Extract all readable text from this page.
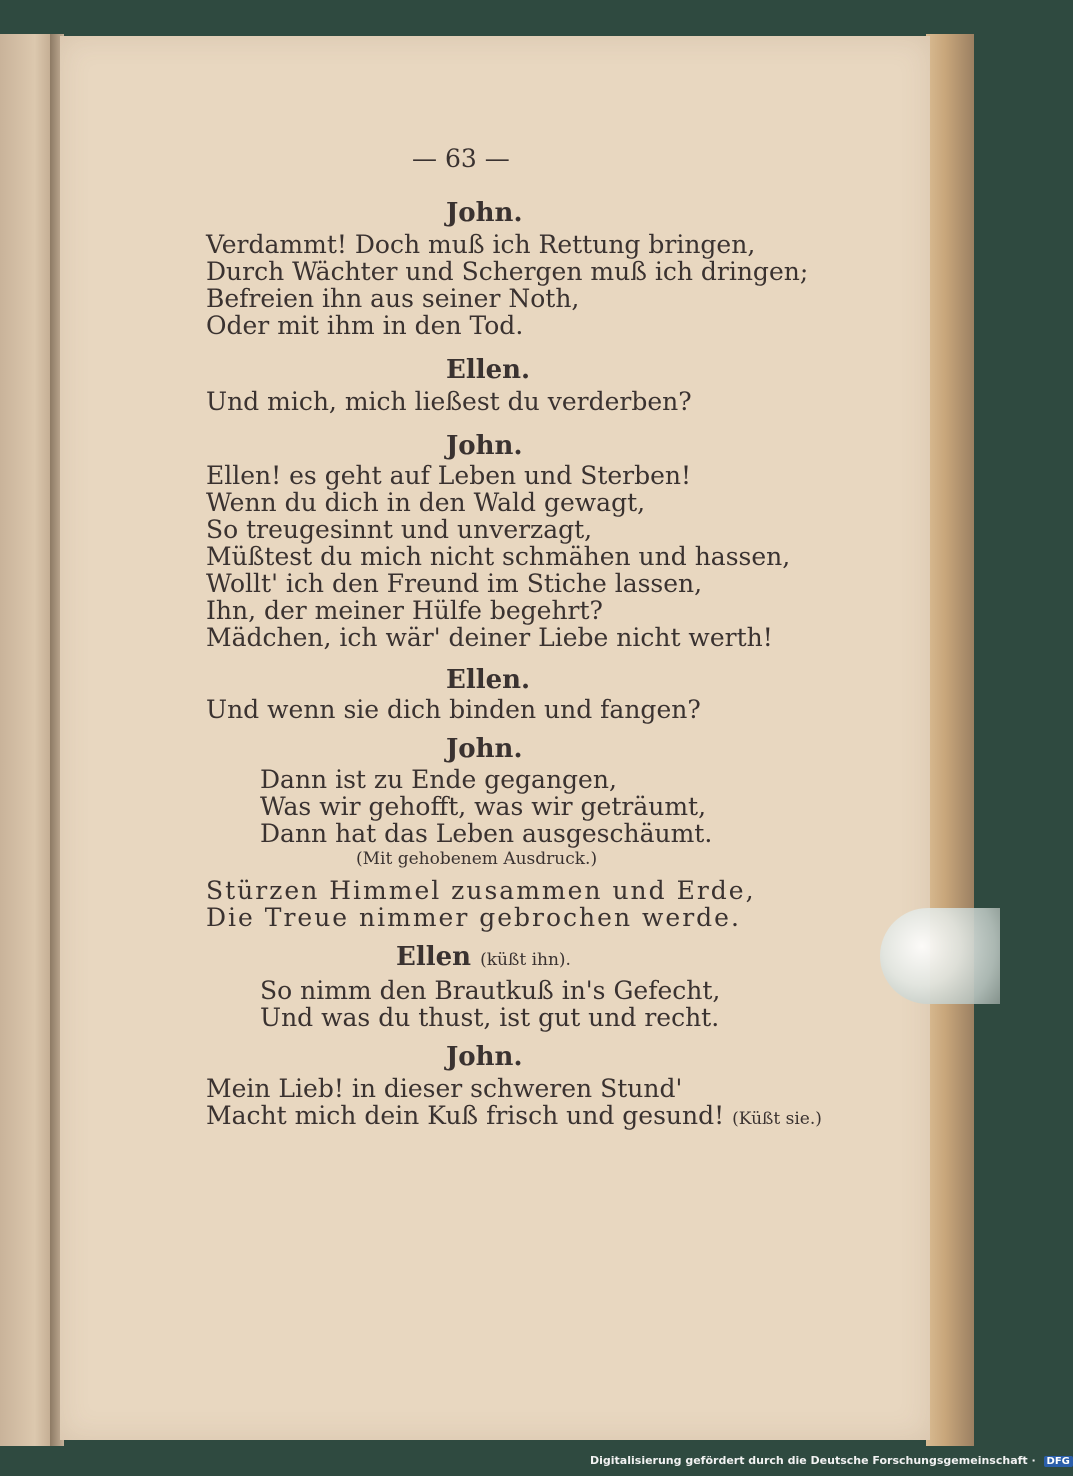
— 63 —
John.
Verdammt! Doch muß ich Rettung bringen,
Durch Wächter und Schergen muß ich dringen;
Befreien ihn aus seiner Noth,
Oder mit ihm in den Tod.
Ellen.
Und mich, mich ließest du verderben?
John.
Ellen! es geht auf Leben und Sterben!
Wenn du dich in den Wald gewagt,
So treugesinnt und unverzagt,
Müßtest du mich nicht schmähen und hassen,
Wollt' ich den Freund im Stiche lassen,
Ihn, der meiner Hülfe begehrt?
Mädchen, ich wär' deiner Liebe nicht werth!
Ellen.
Und wenn sie dich binden und fangen?
John.
Dann ist zu Ende gegangen,
Was wir gehofft, was wir geträumt,
Dann hat das Leben ausgeschäumt.
(Mit gehobenem Ausdruck.)
Stürzen Himmel zusammen und Erde,
Die Treue nimmer gebrochen werde.
Ellen (küßt ihn).
So nimm den Brautkuß in's Gefecht,
Und was du thust, ist gut und recht.
John.
Mein Lieb! in dieser schweren Stund'
Macht mich dein Kuß frisch und gesund! (Küßt sie.)
Digitalisierung gefördert durch die Deutsche Forschungsgemeinschaft · DFG
